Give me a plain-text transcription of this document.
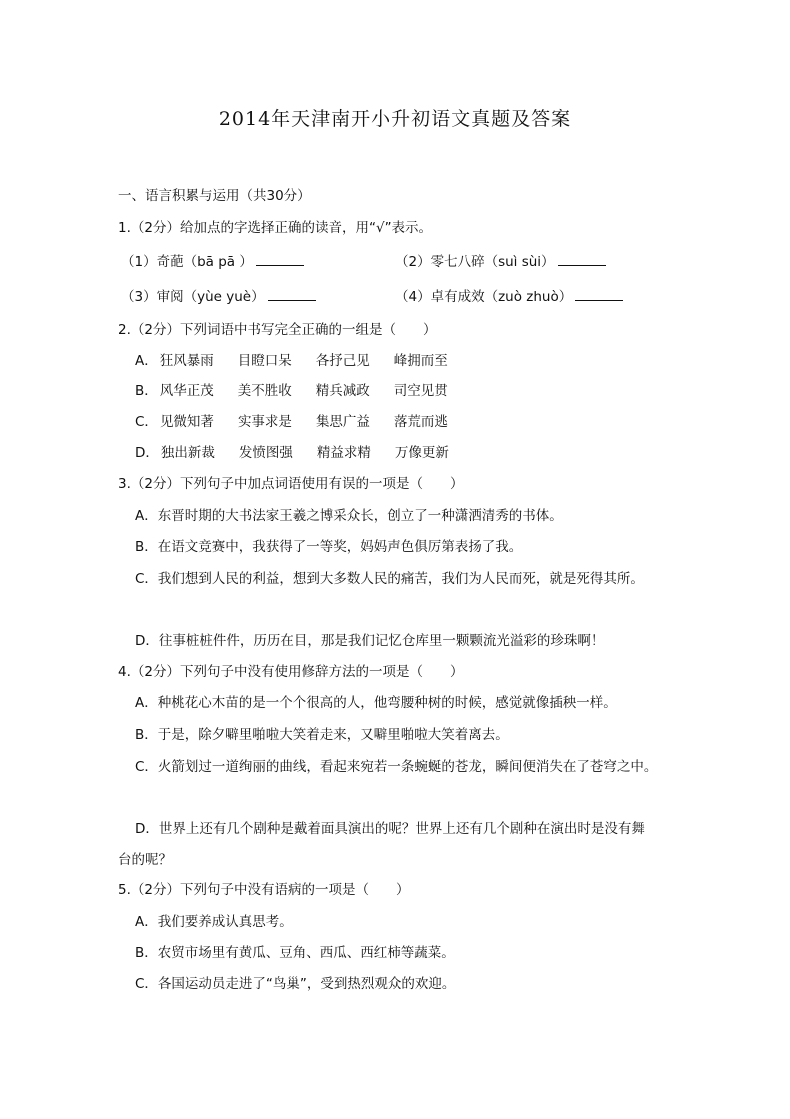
2014年天津南开小升初语文真题及答案
一、语言积累与运用（共30分）
1.（2分）给加点的字选择正确的读音，用“√”表示。
（1）奇葩（bā pā ）	（2）零七八碎（suì sùi）
（3）审阅（yùe yuè）	（4）卓有成效（zuò zhuò）
2.（2分）下列词语中书写完全正确的一组是（　　）
A． 狂风暴雨 目瞪口呆 各抒己见 峰拥而至
B． 风华正茂 美不胜收 精兵减政 司空见贯
C． 见微知著 实事求是 集思广益 落荒而逃
D． 独出新裁 发愤图强 精益求精 万像更新
3.（2分）下列句子中加点词语使用有误的一项是（　　）
A．东晋时期的大书法家王羲之博采众长，创立了一种潇洒清秀的书体。
B．在语文竞赛中，我获得了一等奖，妈妈声色俱厉第表扬了我。
C．我们想到人民的利益，想到大多数人民的痛苦，我们为人民而死，就是死得其所。
D．往事桩桩件件，历历在目，那是我们记忆仓库里一颗颗流光溢彩的珍珠啊！
4.（2分）下列句子中没有使用修辞方法的一项是（　　）
A．种桃花心木苗的是一个个很高的人，他弯腰种树的时候，感觉就像插秧一样。
B．于是，除夕噼里啪啦大笑着走来，又噼里啪啦大笑着离去。
C．火箭划过一道绚丽的曲线，看起来宛若一条蜿蜒的苍龙，瞬间便消失在了苍穹之中。
D．世界上还有几个剧种是戴着面具演出的呢？世界上还有几个剧种在演出时是没有舞
台的呢？
5.（2分）下列句子中没有语病的一项是（　　）
A．我们要养成认真思考。
B．农贸市场里有黄瓜、豆角、西瓜、西红柿等蔬菜。
C．各国运动员走进了“鸟巢”，受到热烈观众的欢迎。
